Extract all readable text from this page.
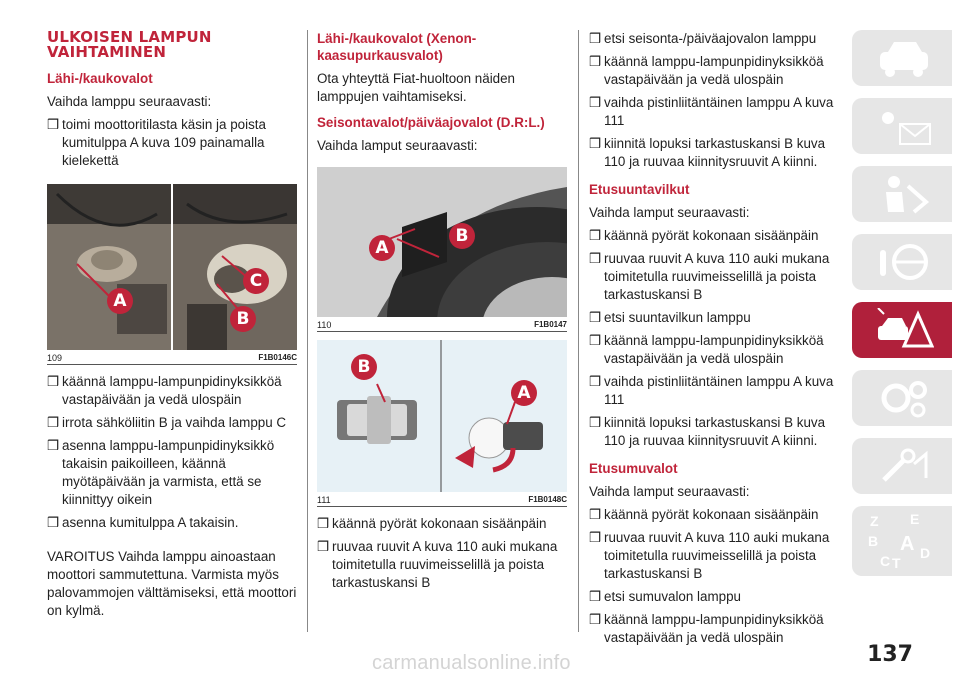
ULKOISEN LAMPUN VAIHTAMINEN
Lähi-/kaukovalot

Vaihda lamppu seuraavasti:

❒ toimi moottoritilasta käsin ja poista kumitulppa A kuva 109 painamalla kielekettä
A
C
B
109	F1B0146C
❒ käännä lamppu-lampunpidinyksikköä vastapäivään ja vedä ulospäin
❒ irrota sähköliitin B ja vaihda lamppu C
❒ asenna lamppu-lampunpidinyksikkö takaisin paikoilleen, käännä myötäpäivään ja varmista, että se kiinnittyy oikein
❒ asenna kumitulppa A takaisin.

VAROITUS Vaihda lamppu ainoastaan moottori sammutettuna. Varmista myös palovammojen välttämiseksi, että moottori on kylmä.

Lähi-/kaukovalot (Xenon-kaasupurkausvalot)

Ota yhteyttä Fiat-huoltoon näiden lamppujen vaihtamiseksi.

Seisontavalot/päiväajovalot (D.R:L.)

Vaihda lamput seuraavasti:

A
B
110	F1B0147
B
A
111	F1B0148C
❒ käännä pyörät kokonaan sisäänpäin
❒ ruuvaa ruuvit A kuva 110 auki mukana toimitetulla ruuvimeisselillä ja poista tarkastuskansi B
❒ etsi seisonta-/päiväajovalon lamppu
❒ käännä lamppu-lampunpidinyksikköä vastapäivään ja vedä ulospäin
❒ vaihda pistinliitäntäinen lamppu A kuva 111
❒ kiinnitä lopuksi tarkastuskansi B kuva 110 ja ruuvaa kiinnitysruuvit A kiinni.
Etusuuntavilkut

Vaihda lamput seuraavasti:

❒ käännä pyörät kokonaan sisäänpäin
❒ ruuvaa ruuvit A kuva 110 auki mukana toimitetulla ruuvimeisselillä ja poista tarkastuskansi B
❒ etsi suuntavilkun lamppu
❒ käännä lamppu-lampunpidinyksikköä vastapäivään ja vedä ulospäin
❒ vaihda pistinliitäntäinen lamppu A kuva 111
❒ kiinnitä lopuksi tarkastuskansi B kuva 110 ja ruuvaa kiinnitysruuvit A kiinni.
Etusumuvalot

Vaihda lamput seuraavasti:

❒ käännä pyörät kokonaan sisäänpäin
❒ ruuvaa ruuvit A kuva 110 auki mukana toimitetulla ruuvimeisselillä ja poista tarkastuskansi B
❒ etsi sumuvalon lamppu
❒ käännä lamppu-lampunpidinyksikköä vastapäivään ja vedä ulospäin
Z E
B A
C T
D
137
carmanualsonline.info
